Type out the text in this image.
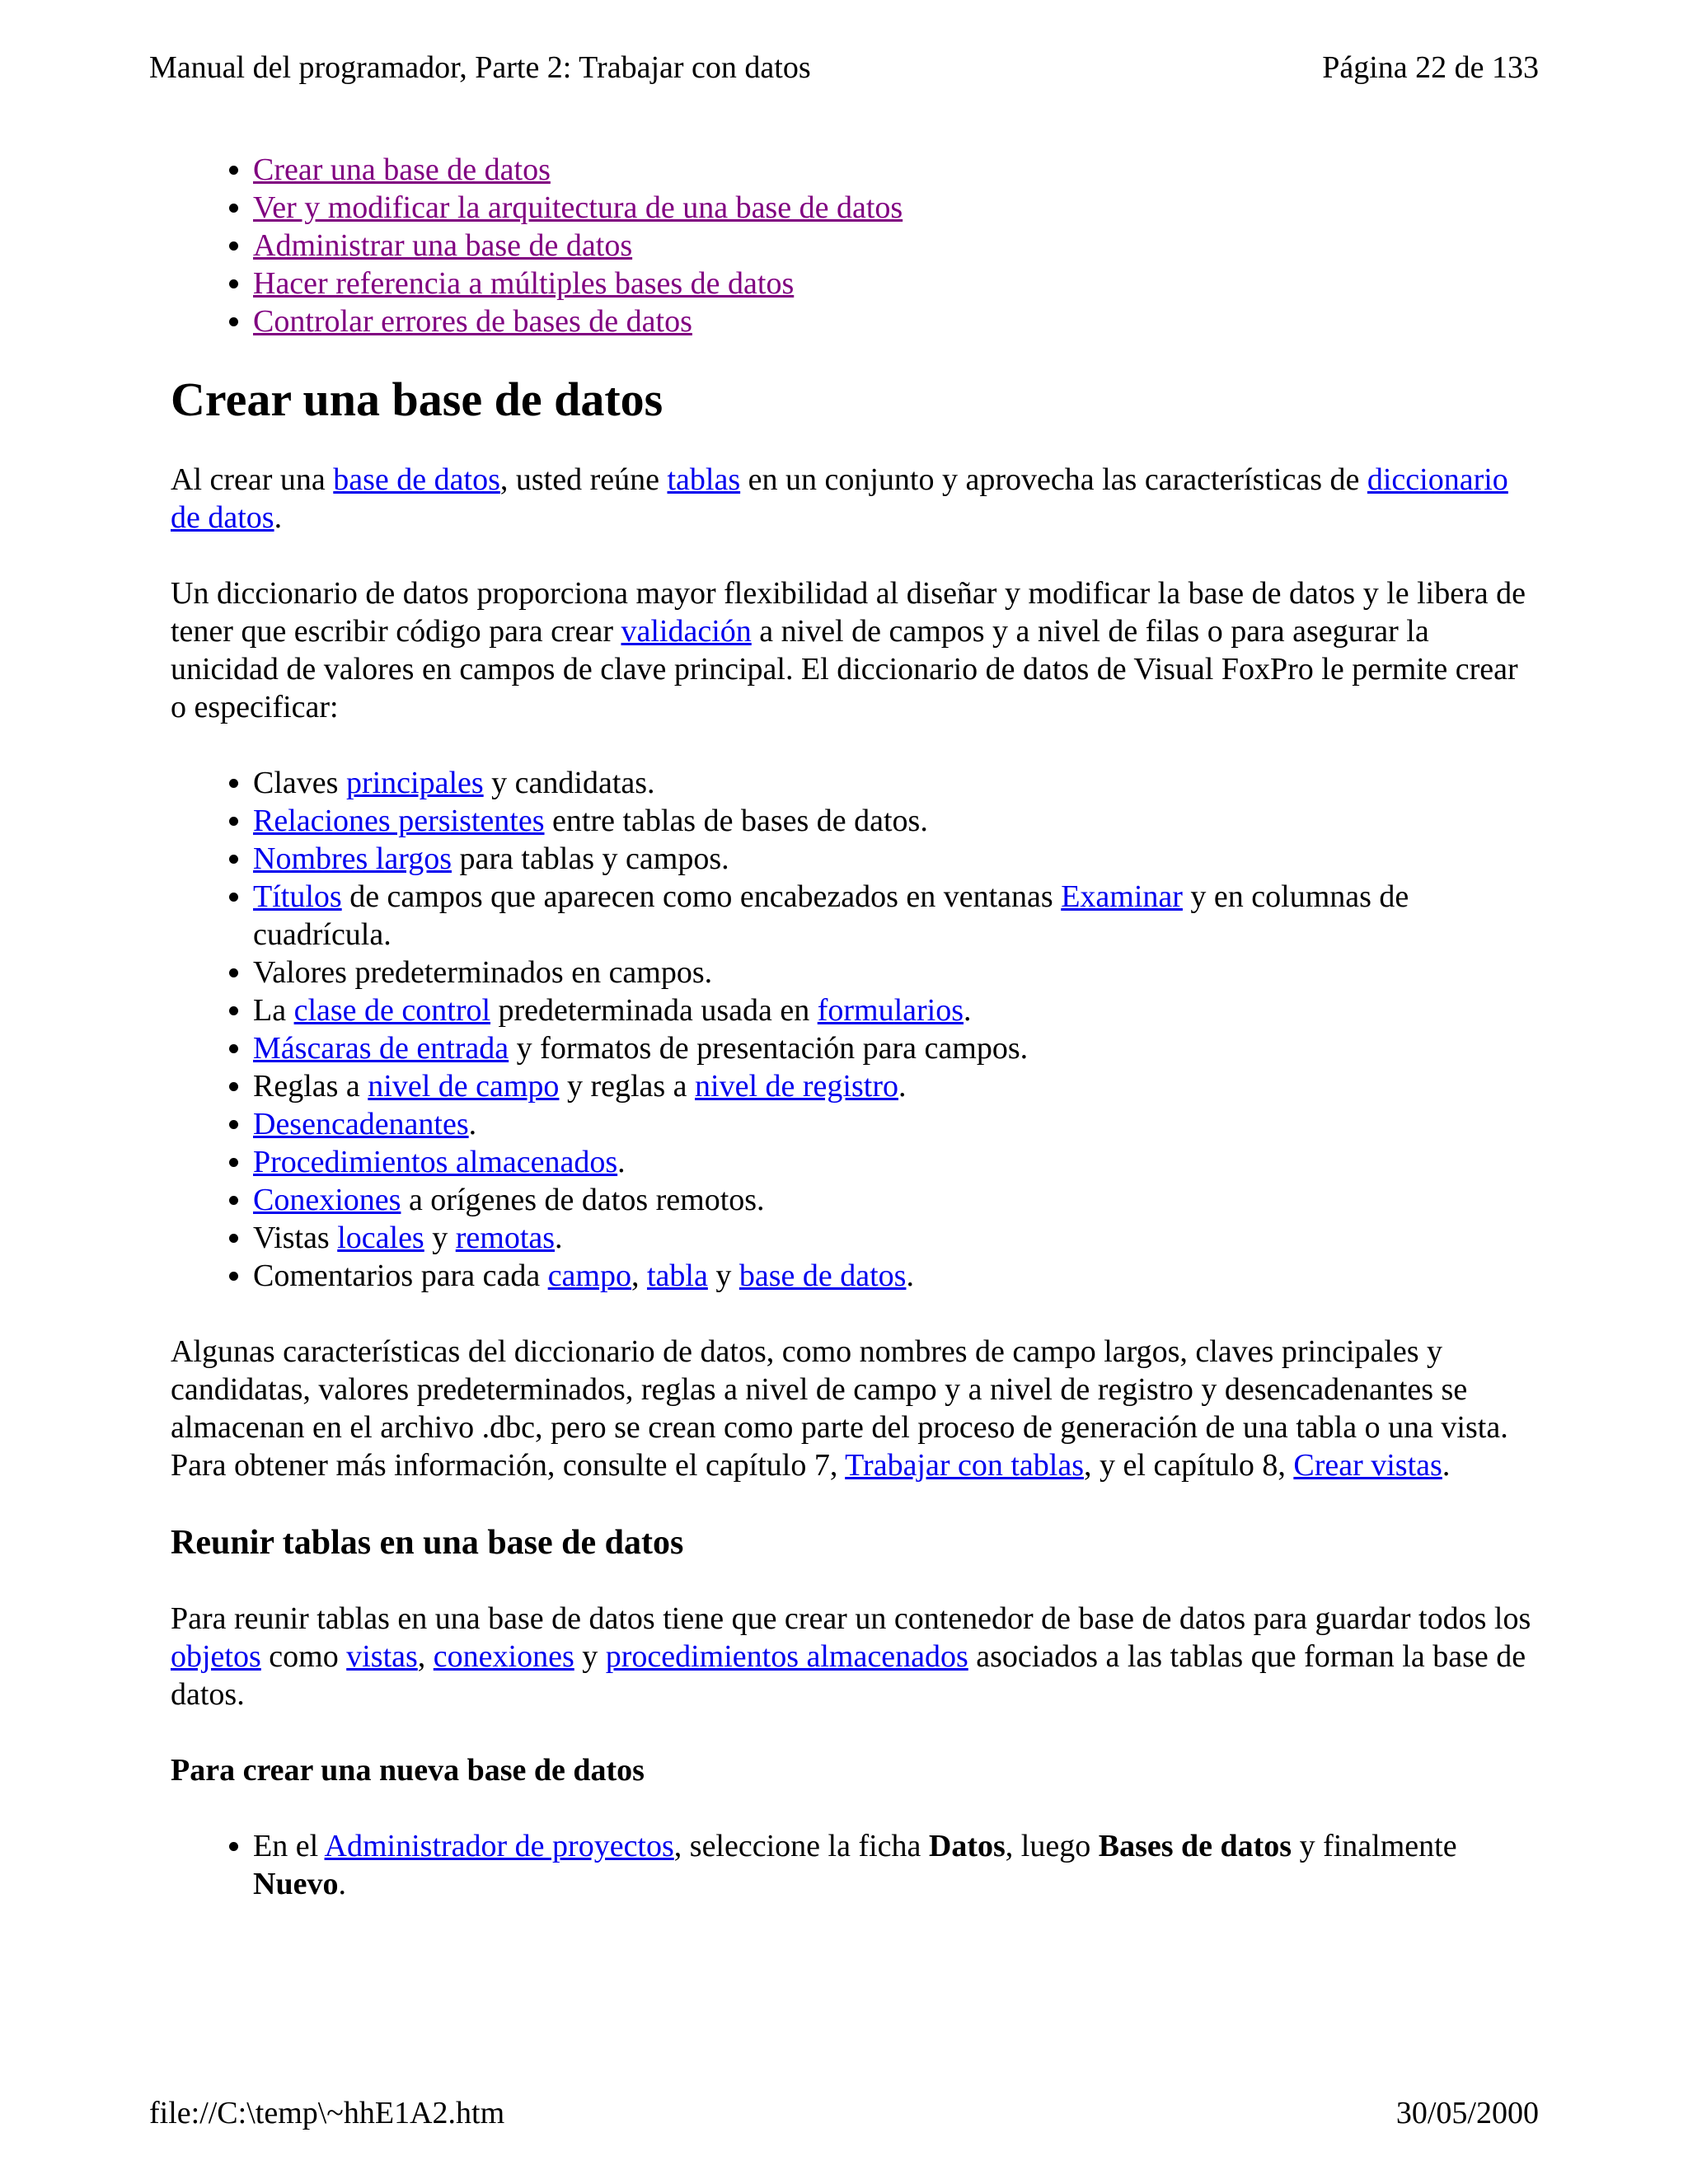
Manual del programador, Parte 2: Trabajar con datos	Página 22 de 133
• Crear una base de datos
• Ver y modificar la arquitectura de una base de datos
• Administrar una base de datos
• Hacer referencia a múltiples bases de datos
• Controlar errores de bases de datos
Crear una base de datos

Al crear una base de datos, usted reúne tablas en un conjunto y aprovecha las características de diccionario de datos.

Un diccionario de datos proporciona mayor flexibilidad al diseñar y modificar la base de datos y le libera de tener que escribir código para crear validación a nivel de campos y a nivel de filas o para asegurar la unicidad de valores en campos de clave principal. El diccionario de datos de Visual FoxPro le permite crear o especificar:

• Claves principales y candidatas.
• Relaciones persistentes entre tablas de bases de datos.
• Nombres largos para tablas y campos.
• Títulos de campos que aparecen como encabezados en ventanas Examinar y en columnas de cuadrícula.
• Valores predeterminados en campos.
• La clase de control predeterminada usada en formularios.
• Máscaras de entrada y formatos de presentación para campos.
• Reglas a nivel de campo y reglas a nivel de registro.
• Desencadenantes.
• Procedimientos almacenados.
• Conexiones a orígenes de datos remotos.
• Vistas locales y remotas.
• Comentarios para cada campo, tabla y base de datos.

Algunas características del diccionario de datos, como nombres de campo largos, claves principales y candidatas, valores predeterminados, reglas a nivel de campo y a nivel de registro y desencadenantes se almacenan en el archivo .dbc, pero se crean como parte del proceso de generación de una tabla o una vista. Para obtener más información, consulte el capítulo 7, Trabajar con tablas, y el capítulo 8, Crear vistas.

Reunir tablas en una base de datos

Para reunir tablas en una base de datos tiene que crear un contenedor de base de datos para guardar todos los objetos como vistas, conexiones y procedimientos almacenados asociados a las tablas que forman la base de datos.

Para crear una nueva base de datos
• En el Administrador de proyectos, seleccione la ficha Datos, luego Bases de datos y finalmente Nuevo.
file://C:\temp\~hhE1A2.htm	30/05/2000
